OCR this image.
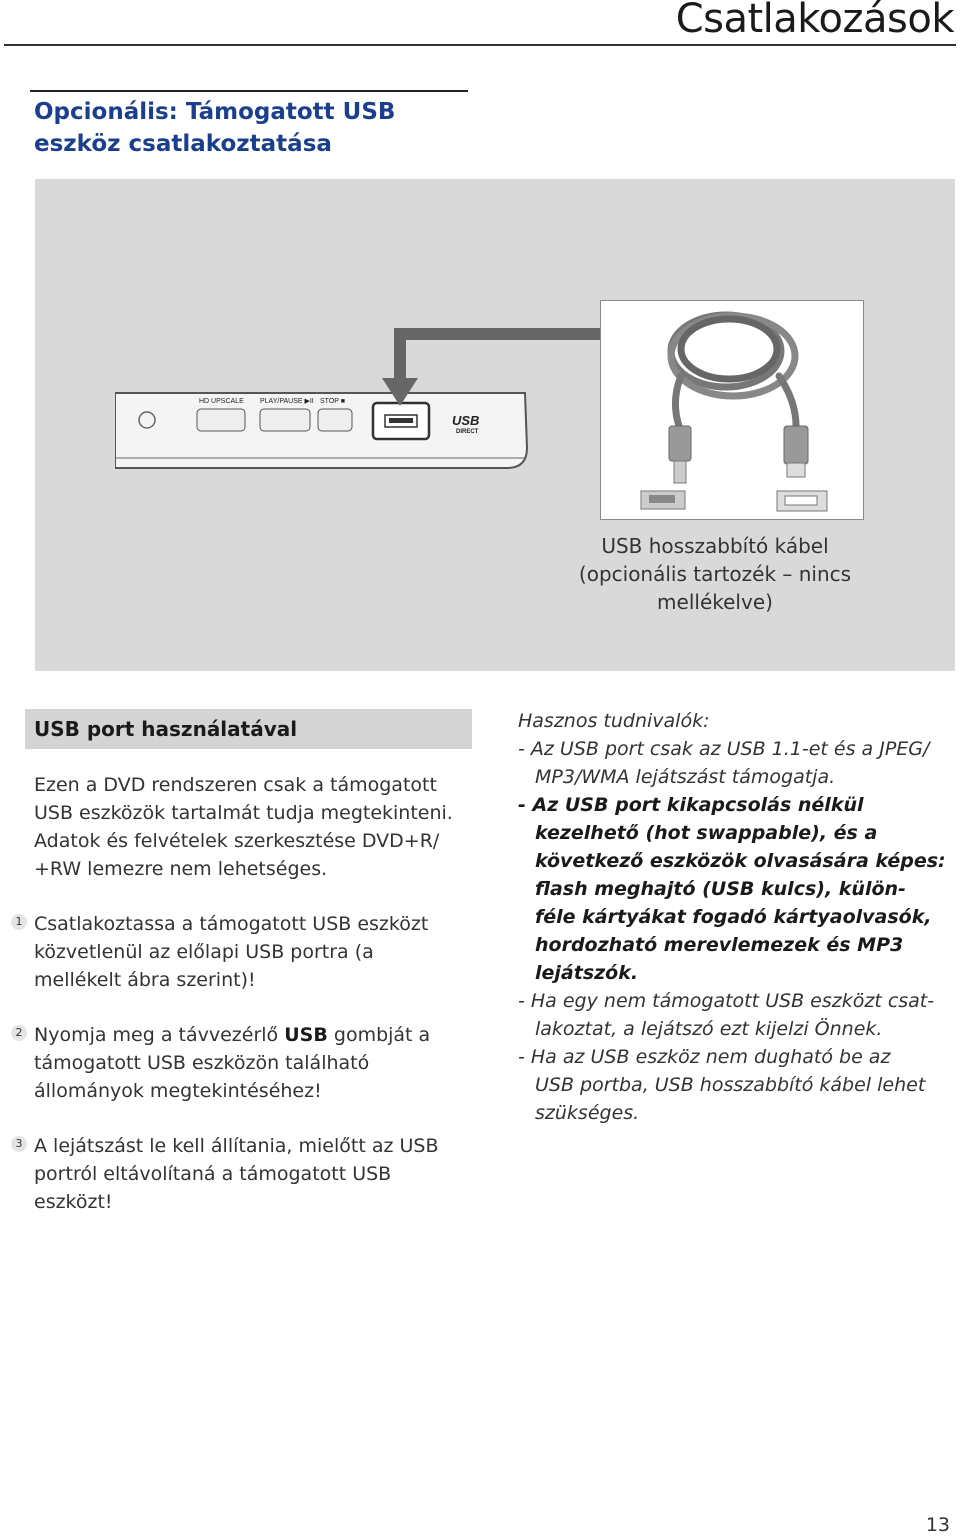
Csatlakozások
Opcionális: Támogatott USB
eszköz csatlakoztatása
HD UPSCALE PLAY/PAUSE ▶II STOP ■
USB
DIRECT
USB hosszabbító kábel
(opcionális tartozék – nincs mellékelve)
USB port használatával
Ezen a DVD rendszeren csak a támogatott USB eszközök tartalmát tudja megtekinteni. Adatok és felvételek szerkesztése DVD+R/ +RW lemezre nem lehetséges.
1 Csatlakoztassa a támogatott USB eszközt közvetlenül az előlapi USB portra (a mellékelt ábra szerint)!
2 Nyomja meg a távvezérlő USB gombját a támogatott USB eszközön található állományok megtekintéséhez!
3 A lejátszást le kell állítania, mielőtt az USB portról eltávolítaná a támogatott USB eszközt!
Hasznos tudnivalók:
- Az USB port csak az USB 1.1-et és a JPEG/
MP3/WMA lejátszást támogatja.
- Az USB port kikapcsolás nélkül
kezelhető (hot swappable), és a
következő eszközök olvasására képes:
flash meghajtó (USB kulcs), külön-
féle kártyákat fogadó kártyaolvasók,
hordozható merevlemezek és MP3
lejátszók.
- Ha egy nem támogatott USB eszközt csat-
lakoztat, a lejátszó ezt kijelzi Önnek.
- Ha az USB eszköz nem dugható be az
USB portba, USB hosszabbító kábel lehet
szükséges.
13
